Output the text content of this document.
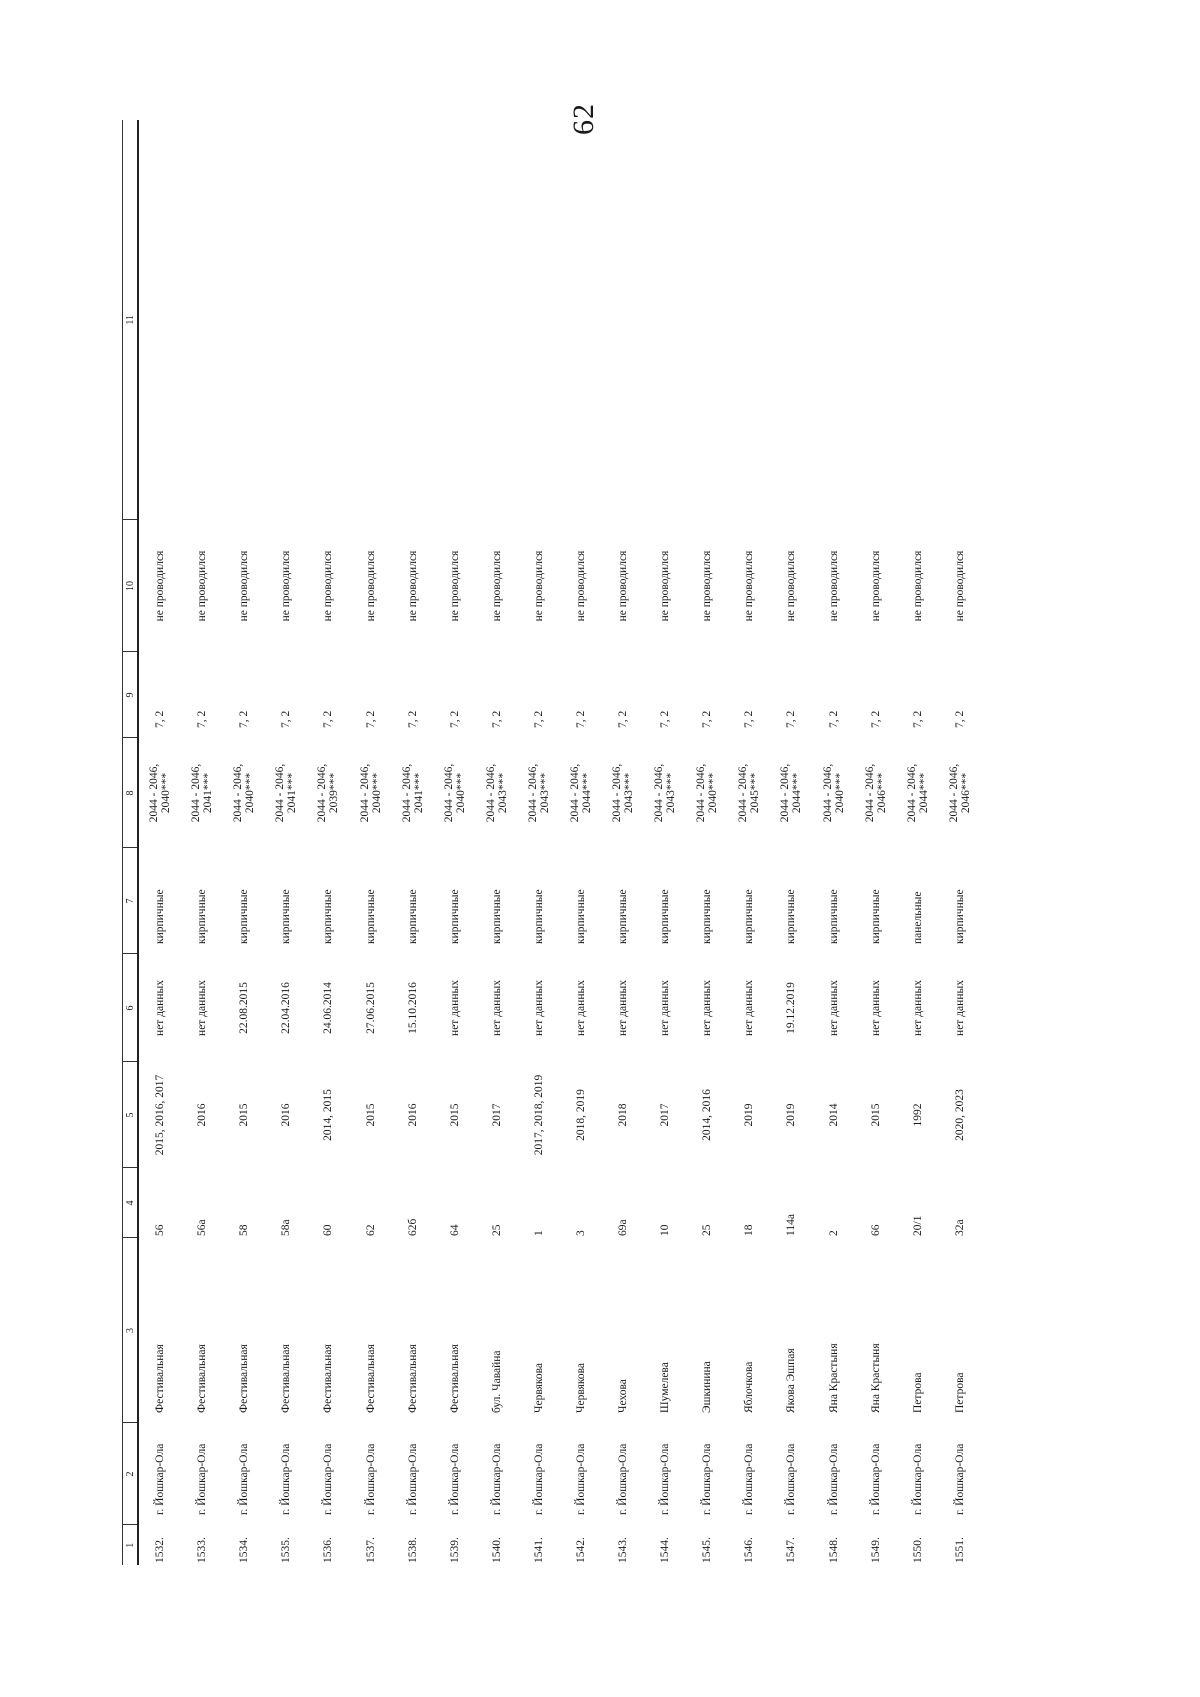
62
1	2	3	4	5	6	7	8	9	10	11
1532.	г. Йошкар-Ола	Фестивальная	56	2015, 2016, 2017	нет данных	кирпичные	2044 - 2046, 2040***	7, 2	не проводился	
1533.	г. Йошкар-Ола	Фестивальная	56а	2016	нет данных	кирпичные	2044 - 2046, 2041***	7, 2	не проводился	
1534.	г. Йошкар-Ола	Фестивальная	58	2015	22.08.2015	кирпичные	2044 - 2046, 2040***	7, 2	не проводился	
1535.	г. Йошкар-Ола	Фестивальная	58а	2016	22.04.2016	кирпичные	2044 - 2046, 2041***	7, 2	не проводился	
1536.	г. Йошкар-Ола	Фестивальная	60	2014, 2015	24.06.2014	кирпичные	2044 - 2046, 2039***	7, 2	не проводился	
1537.	г. Йошкар-Ола	Фестивальная	62	2015	27.06.2015	кирпичные	2044 - 2046, 2040***	7, 2	не проводился	
1538.	г. Йошкар-Ола	Фестивальная	62б	2016	15.10.2016	кирпичные	2044 - 2046, 2041***	7, 2	не проводился	
1539.	г. Йошкар-Ола	Фестивальная	64	2015	нет данных	кирпичные	2044 - 2046, 2040***	7, 2	не проводился	
1540.	г. Йошкар-Ола	бул. Чавайна	25	2017	нет данных	кирпичные	2044 - 2046, 2043***	7, 2	не проводился	
1541.	г. Йошкар-Ола	Червякова	1	2017, 2018, 2019	нет данных	кирпичные	2044 - 2046, 2043***	7, 2	не проводился	
1542.	г. Йошкар-Ола	Червякова	3	2018, 2019	нет данных	кирпичные	2044 - 2046, 2044***	7, 2	не проводился	
1543.	г. Йошкар-Ола	Чехова	69а	2018	нет данных	кирпичные	2044 - 2046, 2043***	7, 2	не проводился	
1544.	г. Йошкар-Ола	Шумелева	10	2017	нет данных	кирпичные	2044 - 2046, 2043***	7, 2	не проводился	
1545.	г. Йошкар-Ола	Эшкинина	25	2014, 2016	нет данных	кирпичные	2044 - 2046, 2040***	7, 2	не проводился	
1546.	г. Йошкар-Ола	Яблочкова	18	2019	нет данных	кирпичные	2044 - 2046, 2045***	7, 2	не проводился	
1547.	г. Йошкар-Ола	Якова Эшпая	114а	2019	19.12.2019	кирпичные	2044 - 2046, 2044***	7, 2	не проводился	
1548.	г. Йошкар-Ола	Яна Крастыня	2	2014	нет данных	кирпичные	2044 - 2046, 2040***	7, 2	не проводился	
1549.	г. Йошкар-Ола	Яна Крастыня	66	2015	нет данных	кирпичные	2044 - 2046, 2046***	7, 2	не проводился	
1550.	г. Йошкар-Ола	Петрова	20/1	1992	нет данных	панельные	2044 - 2046, 2044***	7, 2	не проводился	
1551.	г. Йошкар-Ола	Петрова	32а	2020, 2023	нет данных	кирпичные	2044 - 2046, 2046***	7, 2	не проводился	
